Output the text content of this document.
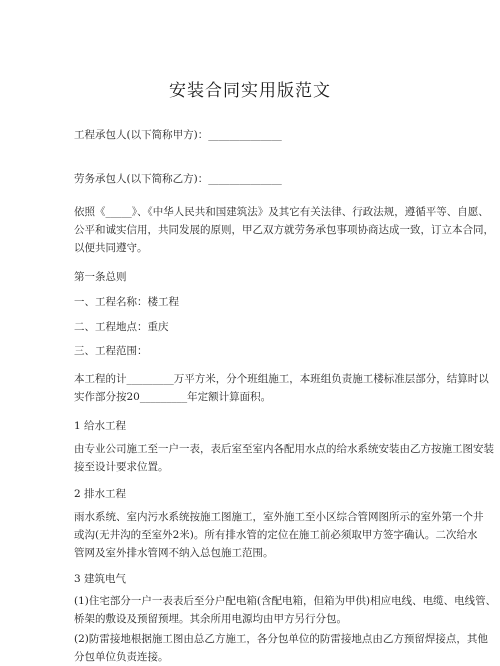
安装合同实用版范文
工程承包人(以下简称甲方)：______________
劳务承包人(以下简称乙方)：______________
依照《_____》、《中华人民共和国建筑法》及其它有关法律、行政法规，遵循平等、自愿、
公平和诚实信用，共同发展的原则，甲乙双方就劳务承包事项协商达成一致，订立本合同，
以便共同遵守。
第一条总则
一、工程名称：楼工程
二、工程地点：重庆
三、工程范围：
本工程的计_________万平方米，分个班组施工，本班组负责施工楼标准层部分，结算时以
实作部分按20_________年定额计算面积。
1 给水工程
由专业公司施工至一户一表，表后室至室内各配用水点的给水系统安装由乙方按施工图安装
接至设计要求位置。
2 排水工程
雨水系统、室内污水系统按施工图施工，室外施工至小区综合管网图所示的室外第一个井
或沟(无井沟的至室外2米)。所有排水管的定位在施工前必须取甲方签字确认。二次给水
管网及室外排水管网不纳入总包施工范围。
3 建筑电气
(1)住宅部分一户一表表后至分户配电箱(含配电箱，但箱为甲供)相应电线、电缆、电线管、
桥架的敷设及预留预埋。其余所用电源均由甲方另行分包。
(2)防雷接地根据施工图由总乙方施工，各分包单位的防雷接地点由乙方预留焊接点，其他
分包单位负责连接。
